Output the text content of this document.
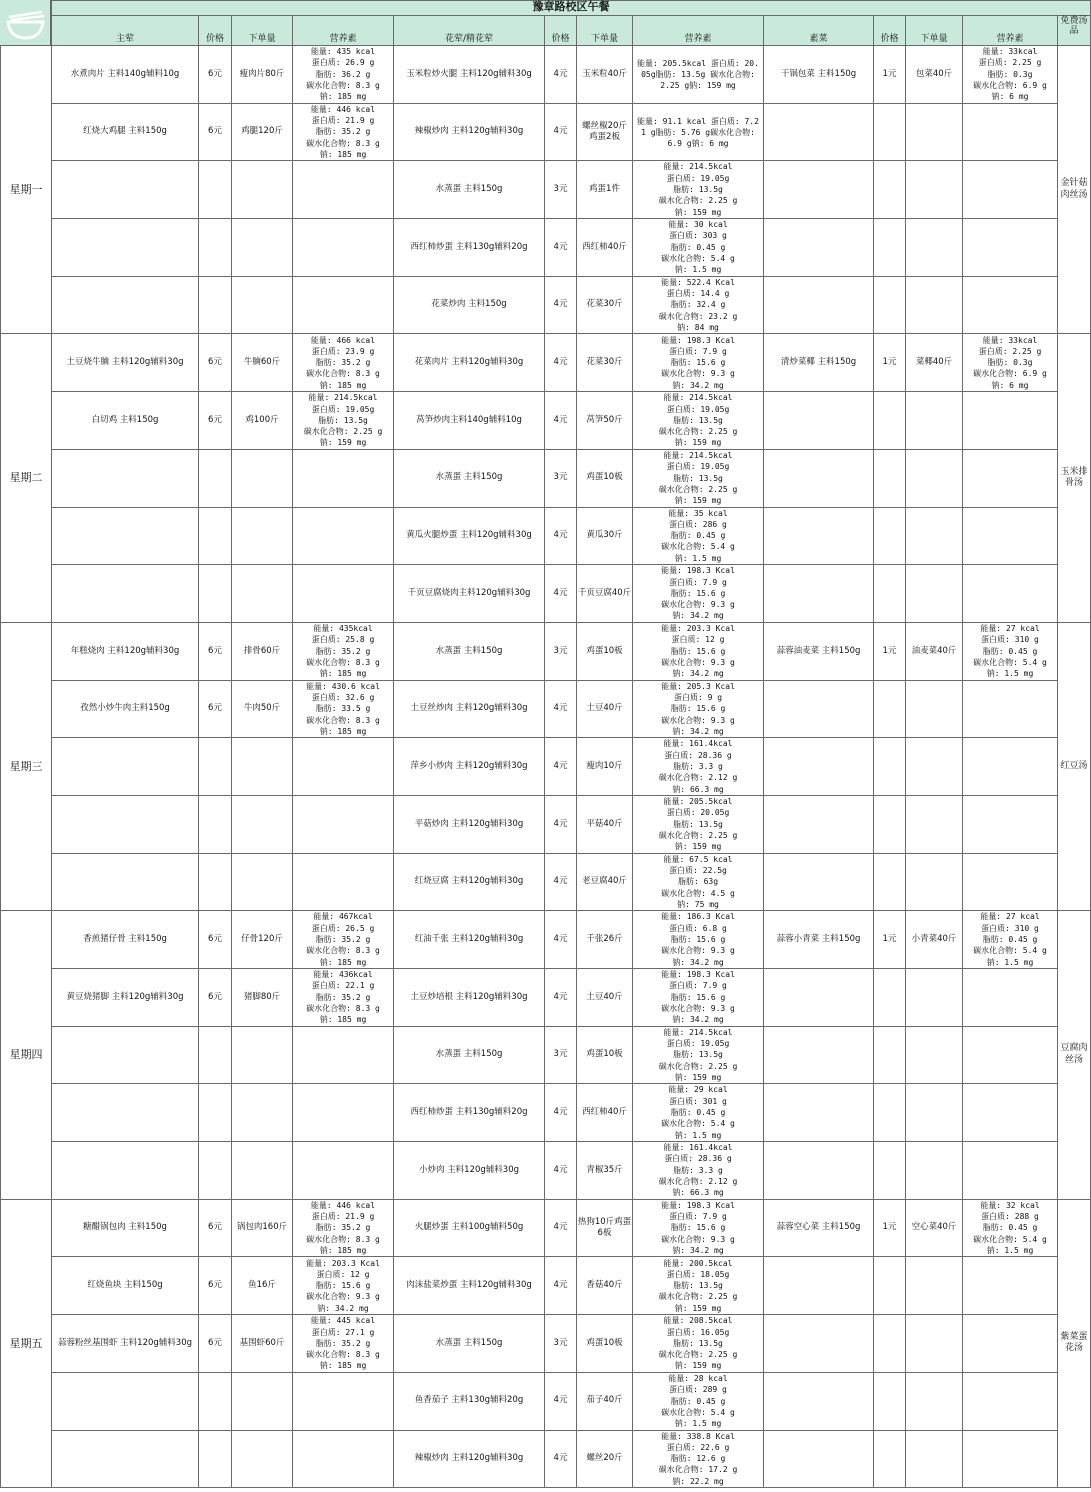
	豫章路校区午餐												
	主荤	价格	下单量	营养素	花荤/精花荤	价格	下单量	营养素	素菜	价格	下单量	营养素	免费汤品
星期一	水煮肉片 主料140g辅料10g	6元	瘦肉片80斤	能量: 435 kcal
蛋白质: 26.9 g
脂肪: 36.2 g
碳水化合物: 8.3 g
钠: 185 mg	玉米粒炒火腿 主料120g辅料30g	4元	玉米粒40斤	能量: 205.5kcal 蛋白质: 20.05g脂肪: 13.5g 碳水化合物: 2.25 g钠: 159 mg	干锅包菜 主料150g	1元	包菜40斤	能量: 33kcal
蛋白质: 2.25 g
脂肪: 0.3g
碳水化合物: 6.9 g
钠: 6 mg	金针菇肉丝汤
	红烧大鸡腿 主料150g	6元	鸡腿120斤	能量: 446 kcal
蛋白质: 21.9 g
脂肪: 35.2 g
碳水化合物: 8.3 g
钠: 185 mg	辣椒炒肉 主料120g辅料30g	4元	螺丝椒20斤 鸡蛋2板	能量: 91.1 kcal 蛋白质: 7.21 g脂肪: 5.76 g碳水化合物: 6.9 g钠: 6 mg					
					水蒸蛋 主料150g	3元	鸡蛋1件	能量: 214.5kcal
蛋白质: 19.05g
脂肪: 13.5g
碳水化合物: 2.25 g
钠: 159 mg					
					西红柿炒蛋 主料130g辅料20g	4元	西红柿40斤	能量: 30 kcal
蛋白质: 303 g
脂肪: 0.45 g
碳水化合物: 5.4 g
钠: 1.5 mg					
					花菜炒肉 主料150g	4元	花菜30斤	能量: 522.4 Kcal
蛋白质: 14.4 g
脂肪: 32.4 g
碳水化合物: 23.2 g
钠: 84 mg					
星期二	土豆烧牛腩 主料120g辅料30g	6元	牛腩60斤	能量: 466 kcal
蛋白质: 23.9 g
脂肪: 35.2 g
碳水化合物: 8.3 g
钠: 185 mg	花菜肉片 主料120g辅料30g	4元	花菜30斤	能量: 198.3 Kcal
蛋白质: 7.9 g
脂肪: 15.6 g
碳水化合物: 9.3 g
钠: 34.2 mg	清炒菜椰 主料150g	1元	菜椰40斤	能量: 33kcal
蛋白质: 2.25 g
脂肪: 0.3g
碳水化合物: 6.9 g
钠: 6 mg	玉米排骨汤
	白切鸡 主料150g	6元	鸡100斤	能量: 214.5kcal
蛋白质: 19.05g
脂肪: 13.5g
碳水化合物: 2.25 g
钠: 159 mg	莴笋炒肉主料140g辅料10g	4元	莴笋50斤	能量: 214.5kcal
蛋白质: 19.05g
脂肪: 13.5g
碳水化合物: 2.25 g
钠: 159 mg					
					水蒸蛋 主料150g	3元	鸡蛋10板	能量: 214.5kcal
蛋白质: 19.05g
脂肪: 13.5g
碳水化合物: 2.25 g
钠: 159 mg					
					黄瓜火腿炒蛋 主料120g辅料30g	4元	黄瓜30斤	能量: 35 kcal
蛋白质: 286 g
脂肪: 0.45 g
碳水化合物: 5.4 g
钠: 1.5 mg					
					千页豆腐烧肉主料120g辅料30g	4元	千页豆腐40斤	能量: 198.3 Kcal
蛋白质: 7.9 g
脂肪: 15.6 g
碳水化合物: 9.3 g
钠: 34.2 mg					
星期三	年糕烧肉 主料120g辅料30g	6元	排骨60斤	能量: 435kcal
蛋白质: 25.8 g
脂肪: 35.2 g
碳水化合物: 8.3 g
钠: 185 mg	水蒸蛋 主料150g	3元	鸡蛋10板	能量: 203.3 Kcal
蛋白质: 12 g
脂肪: 15.6 g
碳水化合物: 9.3 g
钠: 34.2 mg	蒜蓉油麦菜 主料150g	1元	油麦菜40斤	能量: 27 kcal
蛋白质: 310 g
脂肪: 0.45 g
碳水化合物: 5.4 g
钠: 1.5 mg	红豆汤
	孜然小炒牛肉主料150g	6元	牛肉50斤	能量: 430.6 kcal
蛋白质: 32.6 g
脂肪: 33.5 g
碳水化合物: 8.3 g
钠: 185 mg	土豆丝炒肉 主料120g辅料30g	4元	土豆40斤	能量: 205.3 Kcal
蛋白质: 9 g
脂肪: 15.6 g
碳水化合物: 9.3 g
钠: 34.2 mg					
					萍乡小炒肉 主料120g辅料30g	4元	瘦肉10斤	能量: 161.4kcal
蛋白质: 28.36 g
脂肪: 3.3 g
碳水化合物: 2.12 g
钠: 66.3 mg					
					平菇炒肉 主料120g辅料30g	4元	平菇40斤	能量: 205.5kcal
蛋白质: 20.05g
脂肪: 13.5g
碳水化合物: 2.25 g
钠: 159 mg					
					红烧豆腐 主料120g辅料30g	4元	老豆腐40斤	能量: 67.5 kcal
蛋白质: 22.5g
脂肪: 63g
碳水化合物: 4.5 g
钠: 75 mg					
星期四	香煎猪仔骨 主料150g	6元	仔骨120斤	能量: 467kcal
蛋白质: 26.5 g
脂肪: 35.2 g
碳水化合物: 8.3 g
钠: 185 mg	红油千张 主料120g辅料30g	4元	千张26斤	能量: 186.3 Kcal
蛋白质: 6.8 g
脂肪: 15.6 g
碳水化合物: 9.3 g
钠: 34.2 mg	蒜蓉小青菜 主料150g	1元	小青菜40斤	能量: 27 kcal
蛋白质: 310 g
脂肪: 0.45 g
碳水化合物: 5.4 g
钠: 1.5 mg	豆腐肉丝汤
	黄豆烧猪脚 主料120g辅料30g	6元	猪脚80斤	能量: 436kcal
蛋白质: 22.1 g
脂肪: 35.2 g
碳水化合物: 8.3 g
钠: 185 mg	土豆炒培根 主料120g辅料30g	4元	土豆40斤	能量: 198.3 Kcal
蛋白质: 7.9 g
脂肪: 15.6 g
碳水化合物: 9.3 g
钠: 34.2 mg					
					水蒸蛋 主料150g	3元	鸡蛋10板	能量: 214.5kcal
蛋白质: 19.05g
脂肪: 13.5g
碳水化合物: 2.25 g
钠: 159 mg					
					西红柿炒蛋 主料130g辅料20g	4元	西红柿40斤	能量: 29 kcal
蛋白质: 301 g
脂肪: 0.45 g
碳水化合物: 5.4 g
钠: 1.5 mg					
					小炒肉 主料120g辅料30g	4元	青椒35斤	能量: 161.4kcal
蛋白质: 28.36 g
脂肪: 3.3 g
碳水化合物: 2.12 g
钠: 66.3 mg					
星期五	糖醋锅包肉 主料150g	6元	锅包肉160斤	能量: 446 kcal
蛋白质: 21.9 g
脂肪: 35.2 g
碳水化合物: 8.3 g
钠: 185 mg	火腿炒蛋 主料100g辅料50g	4元	热狗10斤鸡蛋6板	能量: 198.3 Kcal
蛋白质: 7.9 g
脂肪: 15.6 g
碳水化合物: 9.3 g
钠: 34.2 mg	蒜蓉空心菜 主料150g	1元	空心菜40斤	能量: 32 kcal
蛋白质: 288 g
脂肪: 0.45 g
碳水化合物: 5.4 g
钠: 1.5 mg	紫菜蛋花汤
	红烧鱼块 主料150g	6元	鱼16斤	能量: 203.3 Kcal
蛋白质: 12 g
脂肪: 15.6 g
碳水化合物: 9.3 g
钠: 34.2 mg	肉沫盐菜炒蛋 主料120g辅料30g	4元	香菇40斤	能量: 200.5kcal
蛋白质: 18.05g
脂肪: 13.5g
碳水化合物: 2.25 g
钠: 159 mg					
	蒜蓉粉丝基围虾 主料120g辅料30g	6元	基围虾60斤	能量: 445 kcal
蛋白质: 27.1 g
脂肪: 35.2 g
碳水化合物: 8.3 g
钠: 185 mg	水蒸蛋 主料150g	3元	鸡蛋10板	能量: 208.5kcal
蛋白质: 16.05g
脂肪: 13.5g
碳水化合物: 2.25 g
钠: 159 mg					
					鱼香茄子 主料130g辅料20g	4元	茄子40斤	能量: 28 kcal
蛋白质: 289 g
脂肪: 0.45 g
碳水化合物: 5.4 g
钠: 1.5 mg					
					辣椒炒肉 主料120g辅料30g	4元	螺丝20斤	能量: 338.8 Kcal
蛋白质: 22.6 g
脂肪: 12.6 g
碳水化合物: 17.2 g
钠: 22.2 mg					
